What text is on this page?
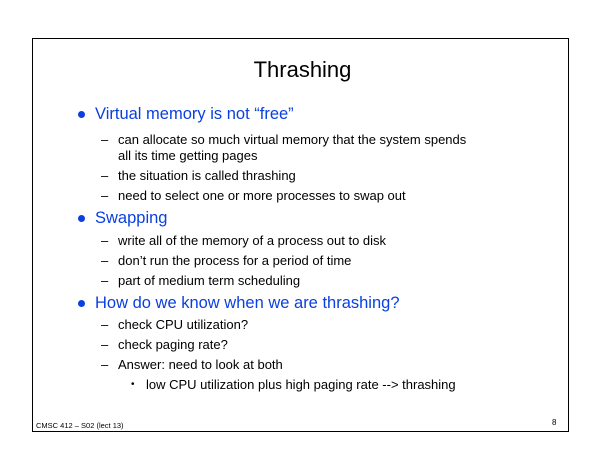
Thrashing
Virtual memory is not “free”
– can allocate so much virtual memory that the system spends
all its time getting pages
– the situation is called thrashing
– need to select one or more processes to swap out
Swapping
– write all of the memory of a process out to disk
– don’t run the process for a period of time
– part of medium term scheduling
How do we know when we are thrashing?
– check CPU utilization?
– check paging rate?
– Answer: need to look at both
• low CPU utilization plus high paging rate --> thrashing
CMSC 412 – S02 (lect 13)	8
